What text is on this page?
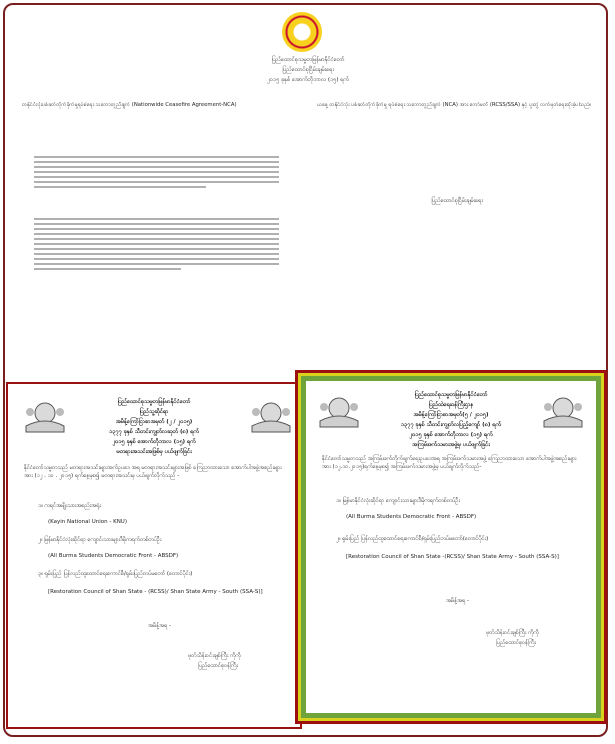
ပြည်ထောင်စုသမ္မတမြန်မာနိုင်ငံတော်
ပြည်ထောင်စုငြိမ်းချမ်းရေး
၂၀၁၅ ခုနှစ် အောက်တိုဘာလ (၁၅) ရက်
တနိုင်ငံလုံးပစ်ခတ်တိုက်ခိုက်မှုရပ်စဲရေး သဘောတူညီချက် (Nationwide Ceasefire Agreement-NCA)	ယနေ့ တနိုင်ငံလုံး ပစ်ခတ်တိုက်ခိုက်မှု ရပ်စဲရေး သဘောတူညီချက် (NCA) အား ကော်မတီ (RCSS/SSA) နှင့် ပူးတွဲ လက်မှတ်ရေးထိုးခဲ့ပါသည်။
ပြည်ထောင်စုငြိမ်းချမ်းရေး
ပြည်ထောင်စုသမ္မတမြန်မာနိုင်ငံတော်
ပြည်သူ့ဆိုင်ရာ
အမိန့်ကြော်ငြာစာအမှတ် (၂ / ၂၀၁၅)
၁၃၇၇ ခုနှစ် သီတင်းကျွတ်လဆုတ် (၈) ရက်
၂၀၁၅ ခုနှစ် အောက်တိုဘာလ (၁၅) ရက်
မတရားအသင်းအဖြစ်မှ ပယ်ဖျက်ခြင်း
နိုင်ငံတော်သမ္မတသည် မတရားအသင်းများအက်ဥပဒေ အရ မတရားအသင်းများအဖြစ် ကြေညာထားသော အောက်ပါအဖွဲ့အစည်းများအား (၁၂ . ၁၀ . ၂၀၁၅) ရက်နေ့မှစ၍ မတရားအသင်းမှ ပယ်ဖျက်လိုက်သည် -
၁။ ကရင်အမျိုးသားအစည်းအရုံး
(Kayin National Union - KNU)
၂။ မြန်မာနိုင်ငံလုံးဆိုင်ရာ ကျောင်းသားများဒီမိုကရက်တစ်တပ်ဦး
(All Burma Students Democratic Front - ABSDF)
၃။ ရှမ်းပြည် ပြန်လည်ထူထောင်ရေးကောင်စီ/ရှမ်းပြည်တပ်မတော် (တောင်ပိုင်း)
[Restoration Council of Shan State - (RCSS)/ Shan State Army - South (SSA-S)]
အမိန့်အရ -
ဗုတ်သိန်းဝင်းချစ်ကြီး ကိုကို
ပြည်ထောင်စုဝန်ကြီး
ပြည်ထောင်စုသမ္မတမြန်မာနိုင်ငံတော်
ပြည်ထဲရေးဝန်ကြီးဌာန
အမိန့်ကြော်ငြာစာအမှတ်(၅ / ၂၀၁၅)
၁၃၇၇ ခုနှစ် သီတင်းကျွတ်လပြည့်ကျော် (၈) ရက်
၂၀၁၅ ခုနှစ် အောက်တိုဘာလ (၁၅) ရက်
အကြမ်းဖက်သမားအဖွဲ့မှ ပယ်ဖျက်ခြင်း
နိုင်ငံတော်သမ္မတသည် အကြမ်းဖက်တိုက်ဖျက်ရေးဥပဒေအရ အကြမ်းဖက်သမားအဖွဲ့ ကြေညာထားသော အောက်ပါအဖွဲ့အစည်းများအား (၁၂.၁၀.၂၀၁၅)ရက်နေ့မှစ၍ အကြမ်းဖက်သမားအဖွဲ့မှ ပယ်ဖျက်လိုက်သည်-
၁။ မြန်မာနိုင်ငံလုံးဆိုင်ရာ ကျောင်းသားများဒီမိုကရက်တစ်တပ်ဦး
(All Burma Students Democratic Front - ABSDF)
၂။ ရှမ်းပြည် ပြန်လည်ထူထောင်ရေးကောင်စီ/ရှမ်းပြည်တပ်မတော်(တောင်ပိုင်း)
[Restoration Council of Shan State -(RCSS)/ Shan State Army - South (SSA-S)]
အမိန့်အရ -
ဗုတ်သိန်းဝင်းချစ်ကြီး ကိုကို
ပြည်ထောင်စုဝန်ကြီး
